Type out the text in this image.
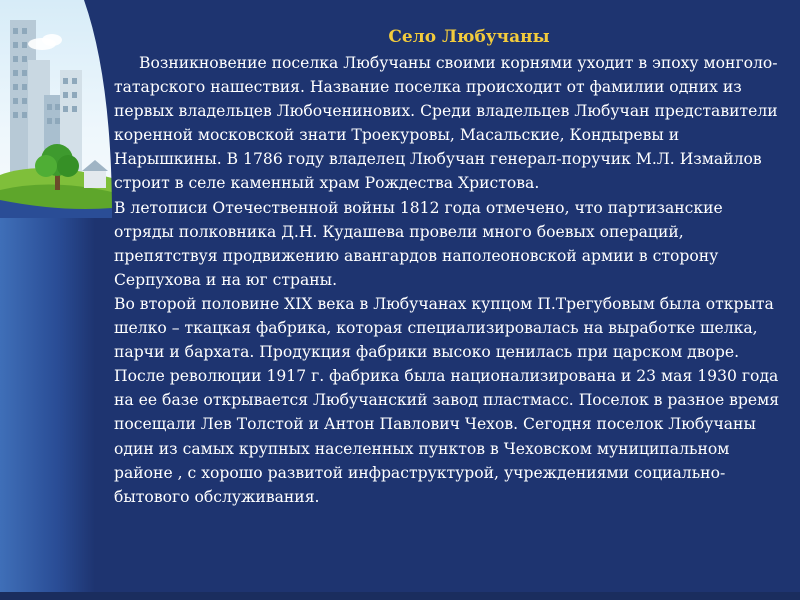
Село Любучаны

Возникновение поселка Любучаны своими корнями уходит в эпоху монголо-татарского нашествия. Название поселка происходит от фамилии одних из первых владельцев Любоченинових. Среди владельцев Любучан представители коренной московской знати Троекуровы, Масальские, Кондыревы и Нарышкины. В 1786 году владелец Любучан генерал-поручик М.Л. Измайлов строит в селе каменный храм Рождества Христова.

В летописи Отечественной войны 1812 года отмечено, что партизанские отряды полковника Д.Н. Кудашева провели много боевых операций, препятствуя продвижению авангардов наполеоновской армии в сторону Серпухова и на юг страны.

Во второй половине XIX века в Любучанах купцом П.Трегубовым была открыта шелко – ткацкая фабрика, которая специализировалась на выработке шелка, парчи и бархата. Продукция фабрики высоко ценилась при царском дворе. После революции 1917 г. фабрика была национализирована и 23 мая 1930 года на ее базе открывается Любучанский завод пластмасс. Поселок в разное время посещали Лев Толстой и Антон Павлович Чехов. Сегодня поселок Любучаны один из самых крупных населенных пунктов в Чеховском муниципальном районе , с хорошо развитой инфраструктурой, учреждениями социально-бытового обслуживания.
